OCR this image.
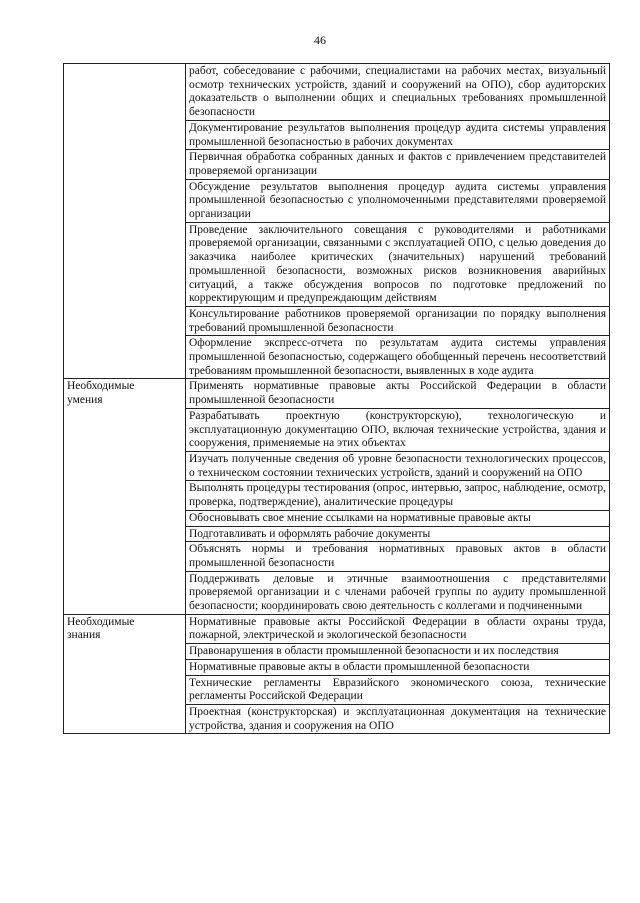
46
	работ, собеседование с рабочими, специалистами на рабочих местах, визуальный осмотр технических устройств, зданий и сооружений на ОПО), сбор аудиторских доказательств о выполнении общих и специальных требованиях промышленной безопасности
	Документирование результатов выполнения процедур аудита системы управления промышленной безопасностью в рабочих документах
	Первичная обработка собранных данных и фактов с привлечением представителей проверяемой организации
	Обсуждение результатов выполнения процедур аудита системы управления промышленной безопасностью с уполномоченными представителями проверяемой организации
	Проведение заключительного совещания с руководителями и работниками проверяемой организации, связанными с эксплуатацией ОПО, с целью доведения до заказчика наиболее критических (значительных) нарушений требований промышленной безопасности, возможных рисков возникновения аварийных ситуаций, а также обсуждения вопросов по подготовке предложений по корректирующим и предупреждающим действиям
	Консультирование работников проверяемой организации по порядку выполнения требований промышленной безопасности
	Оформление экспресс-отчета по результатам аудита системы управления промышленной безопасностью, содержащего обобщенный перечень несоответствий требованиям промышленной безопасности, выявленных в ходе аудита

Необходимые
умения	Применять нормативные правовые акты Российской Федерации в области промышленной безопасности
	Разрабатывать проектную (конструкторскую), технологическую и эксплуатационную документацию ОПО, включая технические устройства, здания и сооружения, применяемые на этих объектах
	Изучать полученные сведения об уровне безопасности технологических процессов, о техническом состоянии технических устройств, зданий и сооружений на ОПО
	Выполнять процедуры тестирования (опрос, интервью, запрос, наблюдение, осмотр, проверка, подтверждение), аналитические процедуры
	Обосновывать свое мнение ссылками на нормативные правовые акты
	Подготавливать и оформлять рабочие документы
	Объяснять нормы и требования нормативных правовых актов в области промышленной безопасности
	Поддерживать деловые и этичные взаимоотношения с представителями проверяемой организации и с членами рабочей группы по аудиту промышленной безопасности; координировать свою деятельность с коллегами и подчиненными

Необходимые
знания	Нормативные правовые акты Российской Федерации в области охраны труда, пожарной, электрической и экологической безопасности
	Правонарушения в области промышленной безопасности и их последствия
	Нормативные правовые акты в области промышленной безопасности
	Технические регламенты Евразийского экономического союза, технические регламенты Российской Федерации
	Проектная (конструкторская) и эксплуатационная документация на технические устройства, здания и сооружения на ОПО
